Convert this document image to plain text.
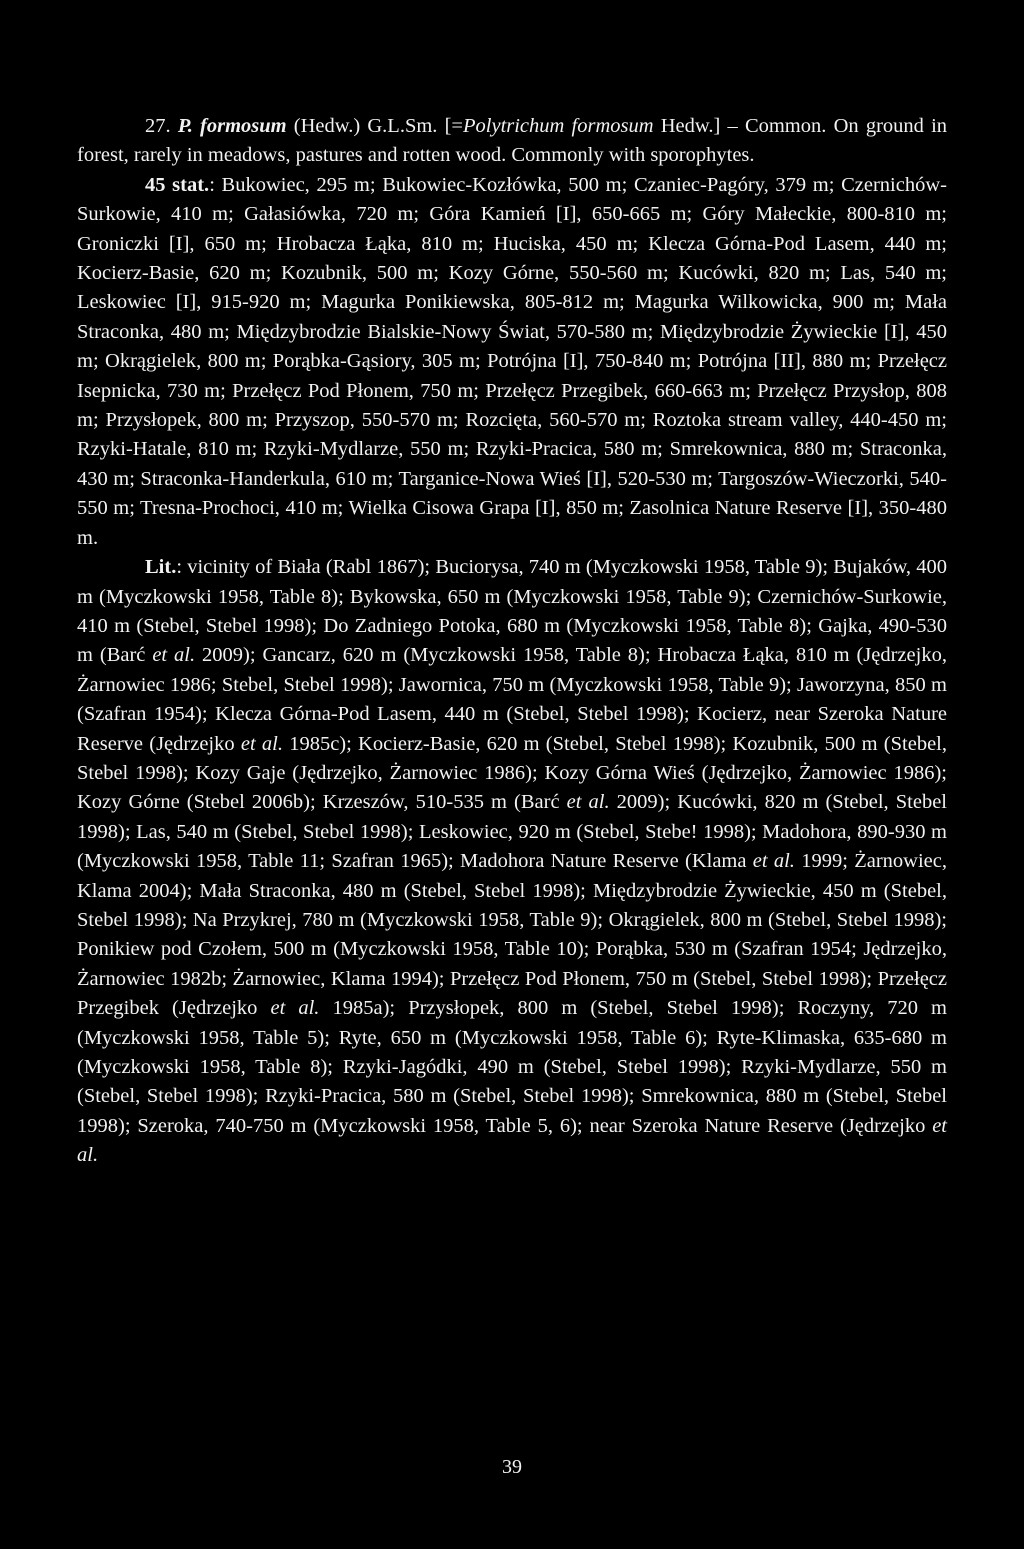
27. P. formosum (Hedw.) G.L.Sm. [=Polytrichum formosum Hedw.] – Common. On ground in forest, rarely in meadows, pastures and rotten wood. Commonly with sporophytes.

45 stat.: Bukowiec, 295 m; Bukowiec-Kozłówka, 500 m; Czaniec-Pagóry, 379 m; Czernichów-Surkowie, 410 m; Gałasiówka, 720 m; Góra Kamień [I], 650-665 m; Góry Małeckie, 800-810 m; Groniczki [I], 650 m; Hrobacza Łąka, 810 m; Huciska, 450 m; Klecza Górna-Pod Lasem, 440 m; Kocierz-Basie, 620 m; Kozubnik, 500 m; Kozy Górne, 550-560 m; Kucówki, 820 m; Las, 540 m; Leskowiec [I], 915-920 m; Magurka Ponikiewska, 805-812 m; Magurka Wilkowicka, 900 m; Mała Straconka, 480 m; Międzybrodzie Bialskie-Nowy Świat, 570-580 m; Międzybrodzie Żywieckie [I], 450 m; Okrągielek, 800 m; Porąbka-Gąsiory, 305 m; Potrójna [I], 750-840 m; Potrójna [II], 880 m; Przełęcz Isepnicka, 730 m; Przełęcz Pod Płonem, 750 m; Przełęcz Przegibek, 660-663 m; Przełęcz Przysłop, 808 m; Przysłopek, 800 m; Przyszop, 550-570 m; Rozcięta, 560-570 m; Roztoka stream valley, 440-450 m; Rzyki-Hatale, 810 m; Rzyki-Mydlarze, 550 m; Rzyki-Pracica, 580 m; Smrekownica, 880 m; Straconka, 430 m; Straconka-Handerkula, 610 m; Targanice-Nowa Wieś [I], 520-530 m; Targoszów-Wieczorki, 540-550 m; Tresna-Prochoci, 410 m; Wielka Cisowa Grapa [I], 850 m; Zasolnica Nature Reserve [I], 350-480 m.

Lit.: vicinity of Biała (Rabl 1867); Buciorysa, 740 m (Myczkowski 1958, Table 9); Bujaków, 400 m (Myczkowski 1958, Table 8); Bykowska, 650 m (Myczkowski 1958, Table 9); Czernichów-Surkowie, 410 m (Stebel, Stebel 1998); Do Zadniego Potoka, 680 m (Myczkowski 1958, Table 8); Gajka, 490-530 m (Barć et al. 2009); Gancarz, 620 m (Myczkowski 1958, Table 8); Hrobacza Łąka, 810 m (Jędrzejko, Żarnowiec 1986; Stebel, Stebel 1998); Jawornica, 750 m (Myczkowski 1958, Table 9); Jaworzyna, 850 m (Szafran 1954); Klecza Górna-Pod Lasem, 440 m (Stebel, Stebel 1998); Kocierz, near Szeroka Nature Reserve (Jędrzejko et al. 1985c); Kocierz-Basie, 620 m (Stebel, Stebel 1998); Kozubnik, 500 m (Stebel, Stebel 1998); Kozy Gaje (Jędrzejko, Żarnowiec 1986); Kozy Górna Wieś (Jędrzejko, Żarnowiec 1986); Kozy Górne (Stebel 2006b); Krzeszów, 510-535 m (Barć et al. 2009); Kucówki, 820 m (Stebel, Stebel 1998); Las, 540 m (Stebel, Stebel 1998); Leskowiec, 920 m (Stebel, Stebe! 1998); Madohora, 890-930 m (Myczkowski 1958, Table 11; Szafran 1965); Madohora Nature Reserve (Klama et al. 1999; Żarnowiec, Klama 2004); Mała Straconka, 480 m (Stebel, Stebel 1998); Międzybrodzie Żywieckie, 450 m (Stebel, Stebel 1998); Na Przykrej, 780 m (Myczkowski 1958, Table 9); Okrągielek, 800 m (Stebel, Stebel 1998); Ponikiew pod Czołem, 500 m (Myczkowski 1958, Table 10); Porąbka, 530 m (Szafran 1954; Jędrzejko, Żarnowiec 1982b; Żarnowiec, Klama 1994); Przełęcz Pod Płonem, 750 m (Stebel, Stebel 1998); Przełęcz Przegibek (Jędrzejko et al. 1985a); Przysłopek, 800 m (Stebel, Stebel 1998); Roczyny, 720 m (Myczkowski 1958, Table 5); Ryte, 650 m (Myczkowski 1958, Table 6); Ryte-Klimaska, 635-680 m (Myczkowski 1958, Table 8); Rzyki-Jagódki, 490 m (Stebel, Stebel 1998); Rzyki-Mydlarze, 550 m (Stebel, Stebel 1998); Rzyki-Pracica, 580 m (Stebel, Stebel 1998); Smrekownica, 880 m (Stebel, Stebel 1998); Szeroka, 740-750 m (Myczkowski 1958, Table 5, 6); near Szeroka Nature Reserve (Jędrzejko et al.

39
